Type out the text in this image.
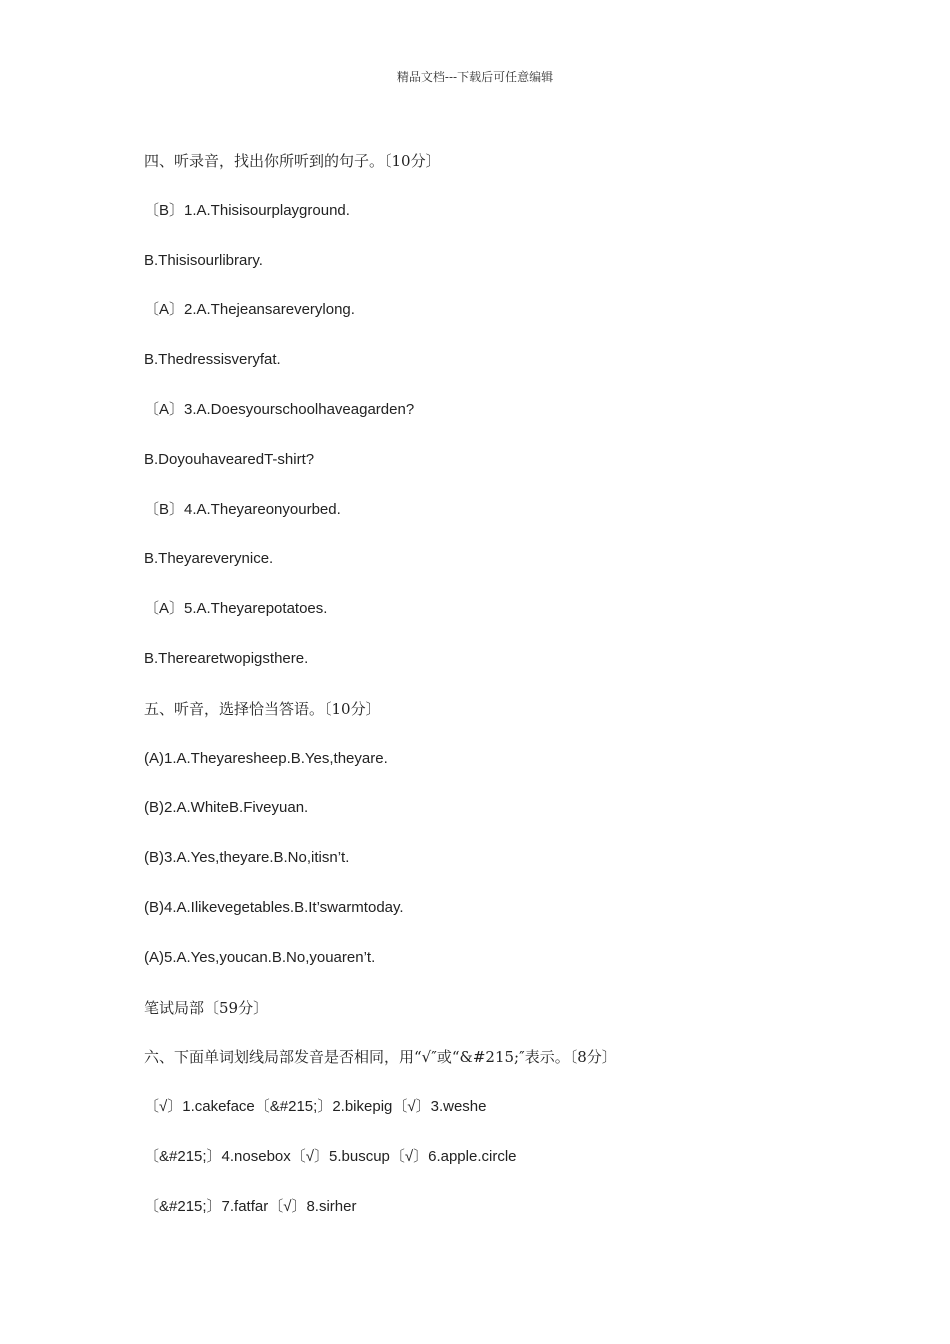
精品文档---下载后可任意编辑
四、听录音，找出你所听到的句子。〔10分〕
〔B〕1.A.Thisisourplayground.
B.Thisisourlibrary.
〔A〕2.A.Thejeansareverylong.
B.Thedressisveryfat.
〔A〕3.A.Doesyourschoolhaveagarden?
B.DoyouhavearedT-shirt?
〔B〕4.A.Theyareonyourbed.
B.Theyareverynice.
〔A〕5.A.Theyarepotatoes.
B.Therearetwopigsthere.
五、听音，选择恰当答语。〔10分〕
(A)1.A.Theyaresheep.B.Yes,theyare.
(B)2.A.WhiteB.Fiveyuan.
(B)3.A.Yes,theyare.B.No,itisn’t.
(B)4.A.Ilikevegetables.B.It’swarmtoday.
(A)5.A.Yes,youcan.B.No,youaren’t.
笔试局部〔59分〕
六、下面单词划线局部发音是否相同，用“√″或“&#215;″表示。〔8分〕
〔√〕1.cakeface〔&#215;〕2.bikepig〔√〕3.weshe
〔&#215;〕4.nosebox〔√〕5.buscup〔√〕6.apple.circle
〔&#215;〕7.fatfar〔√〕8.sirher
